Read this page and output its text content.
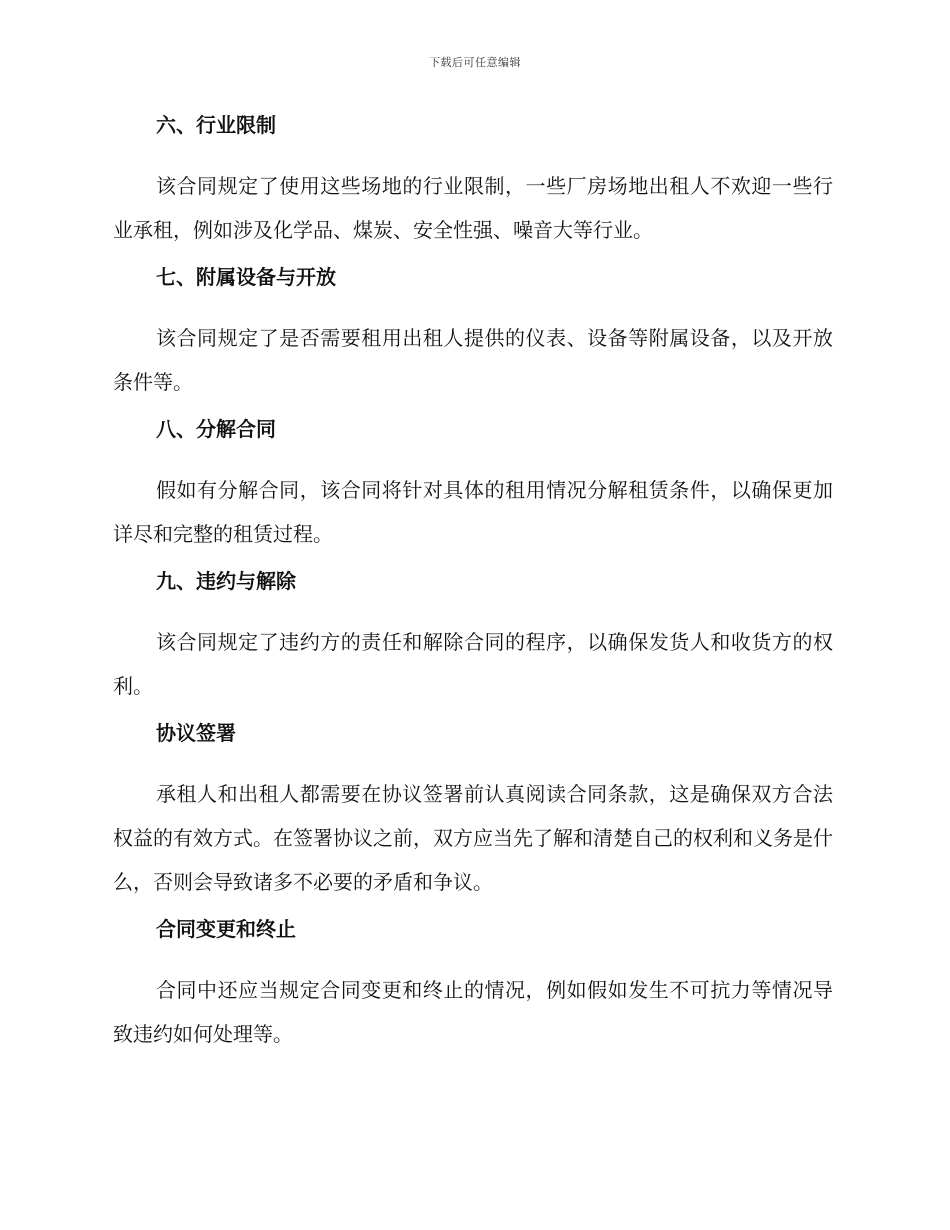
下载后可任意编辑

六、行业限制

该合同规定了使用这些场地的行业限制，一些厂房场地出租人不欢迎一些行业承租，例如涉及化学品、煤炭、安全性强、噪音大等行业。

七、附属设备与开放

该合同规定了是否需要租用出租人提供的仪表、设备等附属设备，以及开放条件等。

八、分解合同

假如有分解合同，该合同将针对具体的租用情况分解租赁条件，以确保更加详尽和完整的租赁过程。

九、违约与解除

该合同规定了违约方的责任和解除合同的程序，以确保发货人和收货方的权利。

协议签署

承租人和出租人都需要在协议签署前认真阅读合同条款，这是确保双方合法权益的有效方式。在签署协议之前，双方应当先了解和清楚自己的权利和义务是什么，否则会导致诸多不必要的矛盾和争议。

合同变更和终止

合同中还应当规定合同变更和终止的情况，例如假如发生不可抗力等情况导致违约如何处理等。
